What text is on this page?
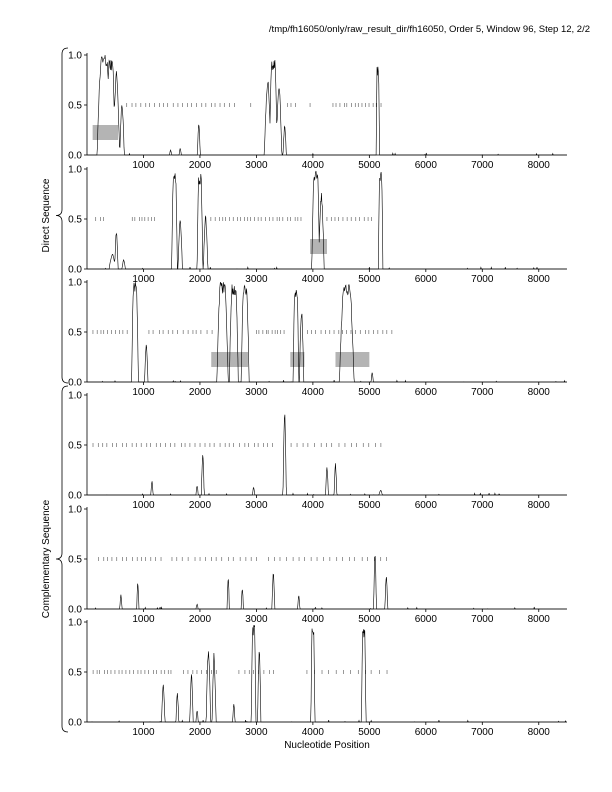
/tmp/fh16050/only/raw_result_dir/fh16050, Order 5, Window 96, Step 12, 2/2
0.0
0.5
1.0
1000	2000	3000	4000	5000	6000	7000	8000
0.0
0.5
1.0
1000	2000	3000	4000	5000	6000	7000	8000
0.0
0.5
1.0
1000	2000	3000	4000	5000	6000	7000	8000
0.0
0.5
1.0
1000	2000	3000	4000	5000	6000	7000	8000
0.0
0.5
1.0
1000	2000	3000	4000	5000	6000	7000	8000
0.0
0.5
1.0
1000	2000	3000	4000	5000	6000	7000	8000
Direct Sequence
Complementary Sequence
Nucleotide Position
